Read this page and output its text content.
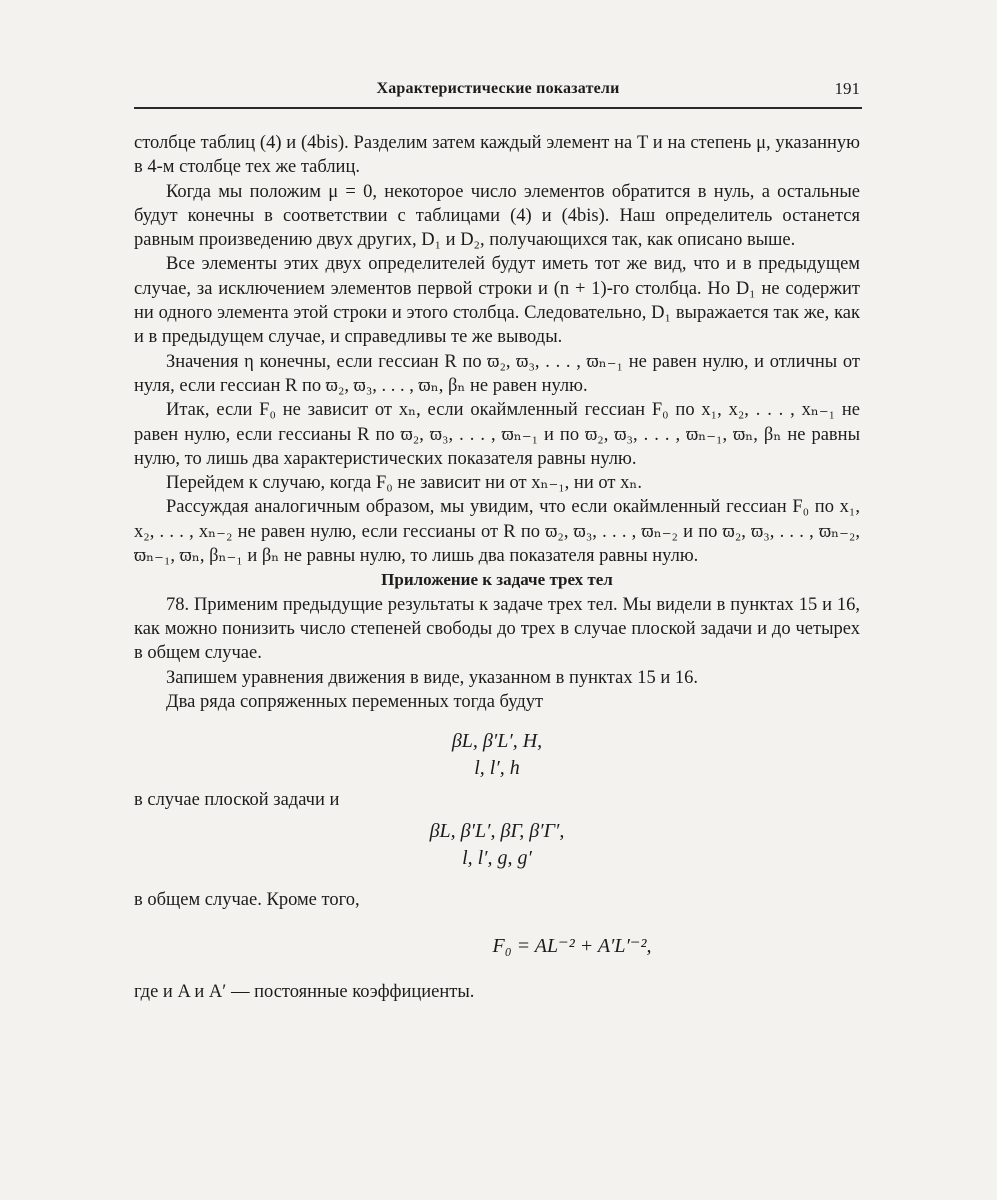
Характеристические показатели	191

столбце таблиц (4) и (4bis). Разделим затем каждый элемент на T и на степень μ, указанную в 4-м столбце тех же таблиц.

Когда мы положим μ = 0, некоторое число элементов обратится в нуль, а остальные будут конечны в соответствии с таблицами (4) и (4bis). Наш определитель останется равным произведению двух других, D₁ и D₂, получающихся так, как описано выше.

Все элементы этих двух определителей будут иметь тот же вид, что и в предыдущем случае, за исключением элементов первой строки и (n + 1)-го столбца. Но D₁ не содержит ни одного элемента этой строки и этого столбца. Следовательно, D₁ выражается так же, как и в предыдущем случае, и справедливы те же выводы.

Значения η конечны, если гессиан R по ϖ₂, ϖ₃, . . . , ϖₙ₋₁ не равен нулю, и отличны от нуля, если гессиан R по ϖ₂, ϖ₃, . . . , ϖₙ, βₙ не равен нулю.

Итак, если F₀ не зависит от xₙ, если окаймленный гессиан F₀ по x₁, x₂, . . . , xₙ₋₁ не равен нулю, если гессианы R по ϖ₂, ϖ₃, . . . , ϖₙ₋₁ и по ϖ₂, ϖ₃, . . . , ϖₙ₋₁, ϖₙ, βₙ не равны нулю, то лишь два характеристических показателя равны нулю.

Перейдем к случаю, когда F₀ не зависит ни от xₙ₋₁, ни от xₙ.

Рассуждая аналогичным образом, мы увидим, что если окаймленный гессиан F₀ по x₁, x₂, . . . , xₙ₋₂ не равен нулю, если гессианы от R по ϖ₂, ϖ₃, . . . , ϖₙ₋₂ и по ϖ₂, ϖ₃, . . . , ϖₙ₋₂, ϖₙ₋₁, ϖₙ, βₙ₋₁ и βₙ не равны нулю, то лишь два показателя равны нулю.

Приложение к задаче трех тел

78. Применим предыдущие результаты к задаче трех тел. Мы видели в пунктах 15 и 16, как можно понизить число степеней свободы до трех в случае плоской задачи и до четырех в общем случае.

Запишем уравнения движения в виде, указанном в пунктах 15 и 16.

Два ряда сопряженных переменных тогда будут

βL, β′L′, H,
l, l′, h

в случае плоской задачи и

βL, β′L′, βΓ, β′Γ′,
l, l′, g, g′

в общем случае. Кроме того,

F₀ = AL⁻² + A′L′⁻²,

где и A и A′ — постоянные коэффициенты.
